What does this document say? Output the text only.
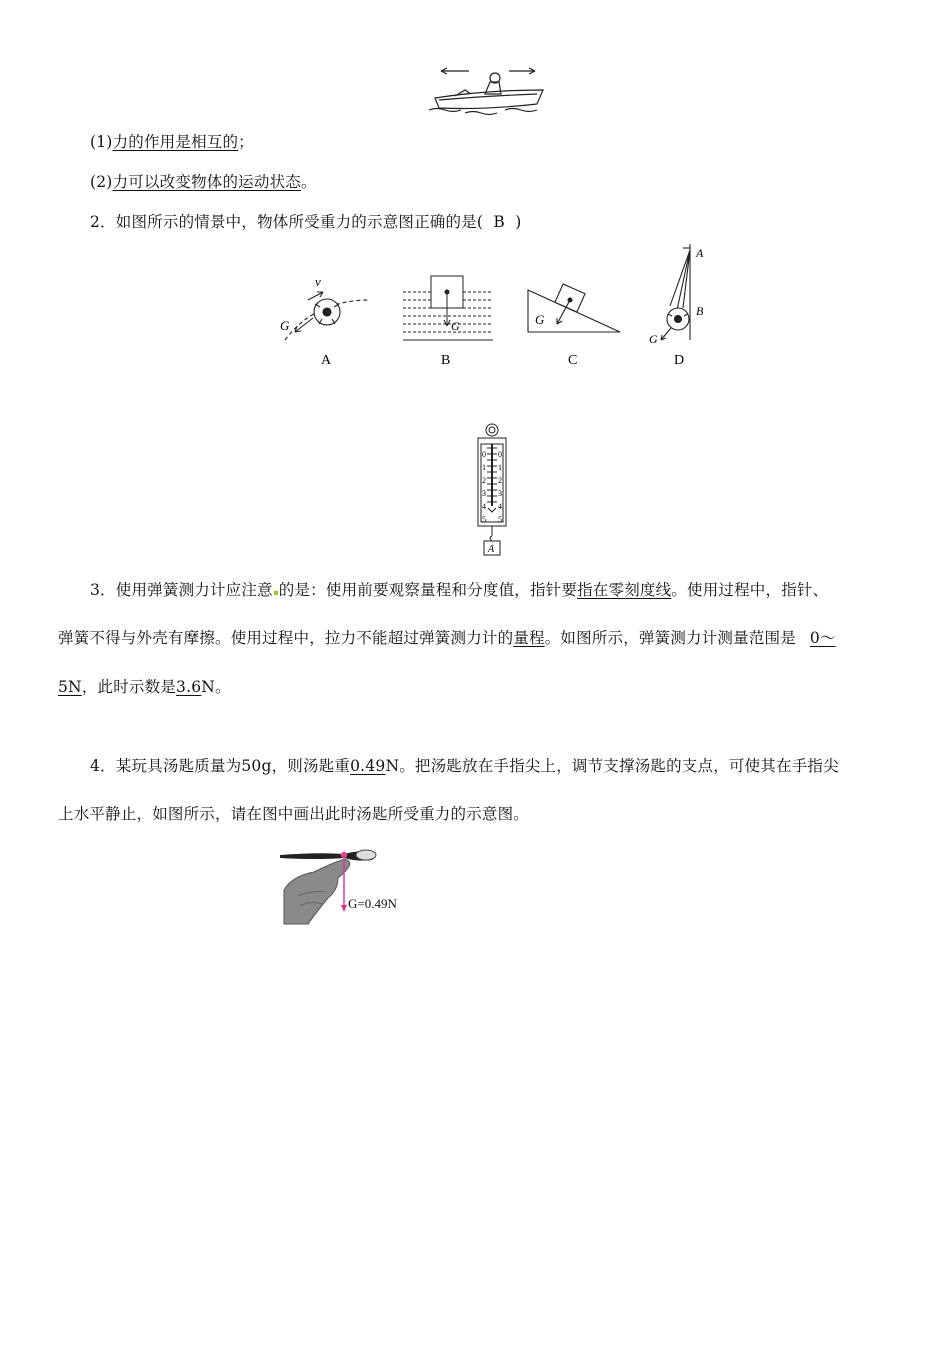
(1)力的作用是相互的；
(2)力可以改变物体的运动状态。
2．如图所示的情景中，物体所受重力的示意图正确的是( B )
v
G
A
G
B
G
C
A
B
G
D
0
1
2
3
4
5
0
1
2
3
4
5
A
3．使用弹簧测力计应注意 的是：使用前要观察量程和分度值，指针要指在零刻度线。使用过程中，指针、
弹簧不得与外壳有摩擦。使用过程中，拉力不能超过弹簧测力计的量程。如图所示，弹簧测力计测量范围是 0～
5N，此时示数是3.6N。
4．某玩具汤匙质量为50g，则汤匙重0.49N。把汤匙放在手指尖上，调节支撑汤匙的支点，可使其在手指尖
上水平静止，如图所示，请在图中画出此时汤匙所受重力的示意图。
G=0.49N
